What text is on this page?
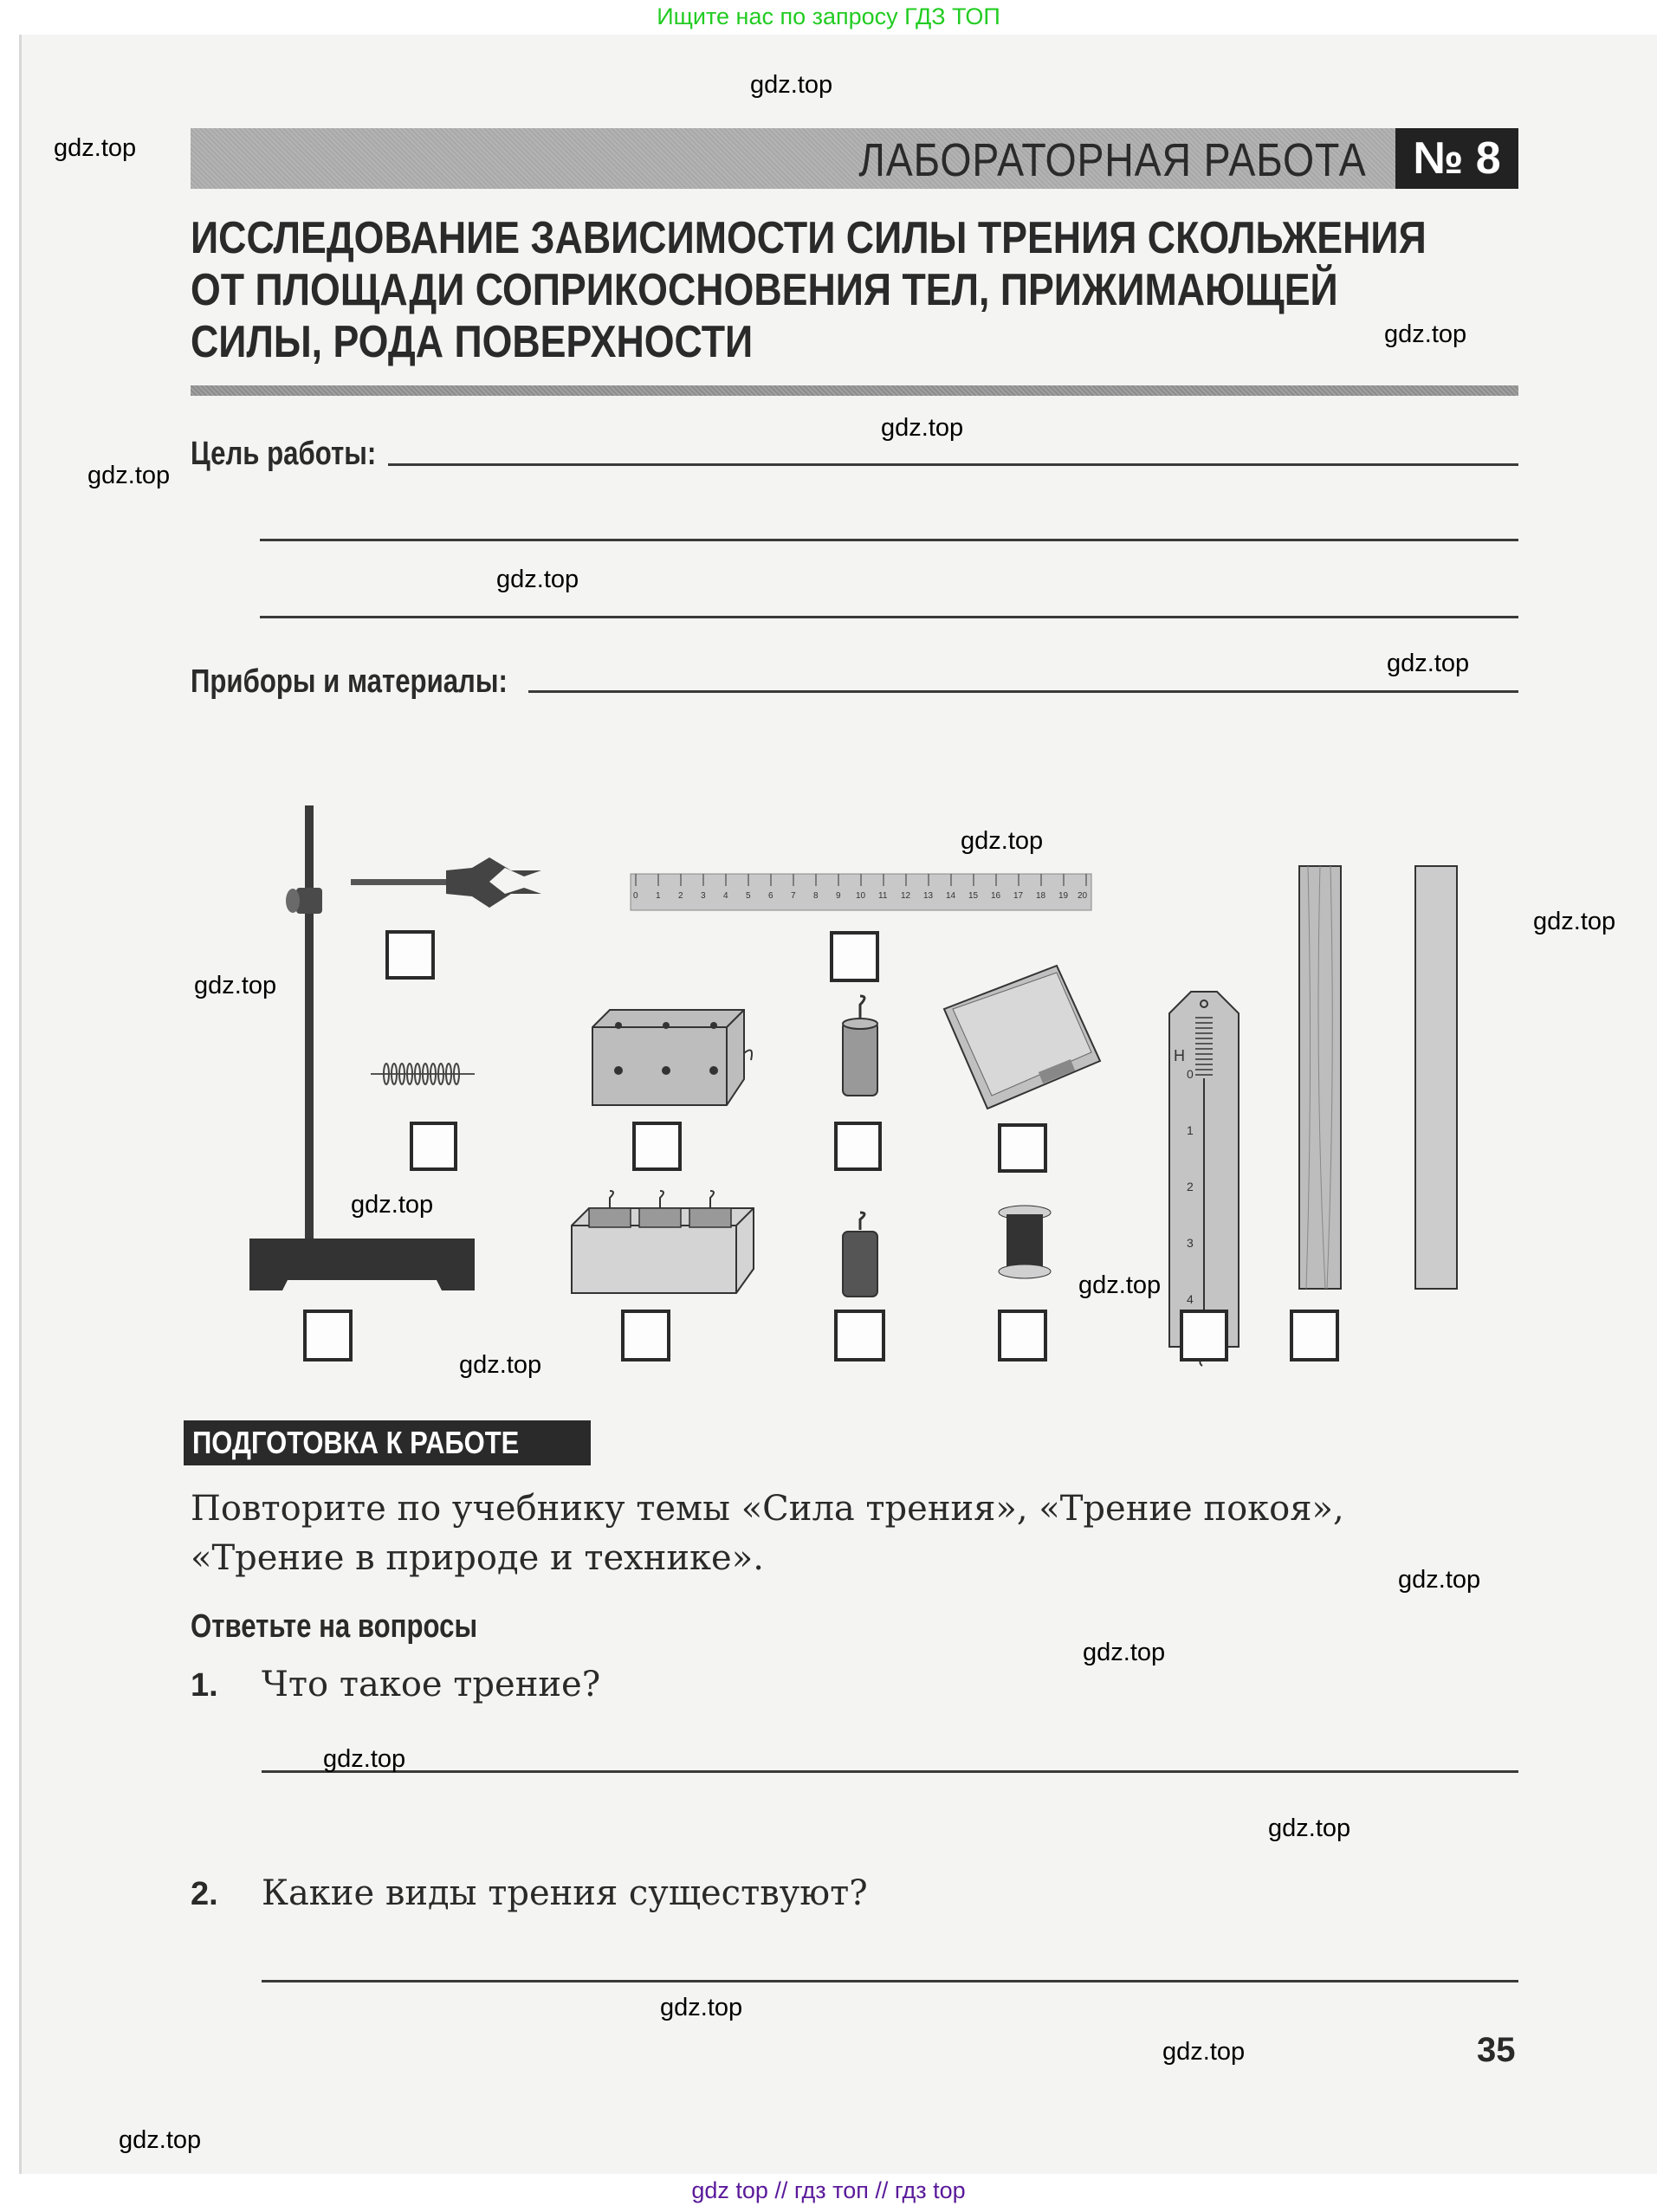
Ищите нас по запросу ГДЗ ТОП
ЛАБОРАТОРНАЯ РАБОТА	№ 8
ИССЛЕДОВАНИЕ ЗАВИСИМОСТИ СИЛЫ ТРЕНИЯ СКОЛЬЖЕНИЯ
ОТ ПЛОЩАДИ СОПРИКОСНОВЕНИЯ ТЕЛ, ПРИЖИМАЮЩЕЙ
СИЛЫ, РОДА ПОВЕРХНОСТИ
Цель работы:
Приборы и материалы:
0 1 2 3 4 5 6 7 8 9 10 11 12 13 14 15 16 17 18 19 20
Н
0
1
2
3
4
ПОДГОТОВКА К РАБОТЕ
Повторите по учебнику темы «Сила трения», «Трение покоя»,
«Трение в природе и технике».
Ответьте на вопросы
1. Что такое трение?
2. Какие виды трения существуют?
35
gdz.top
gdz.top
gdz.top
gdz.top
gdz.top
gdz.top
gdz.top
gdz.top
gdz.top
gdz.top
gdz.top
gdz.top
gdz.top
gdz.top
gdz.top
gdz.top
gdz.top
gdz.top
gdz.top
gdz.top
gdz top // гдз топ // гдз top
